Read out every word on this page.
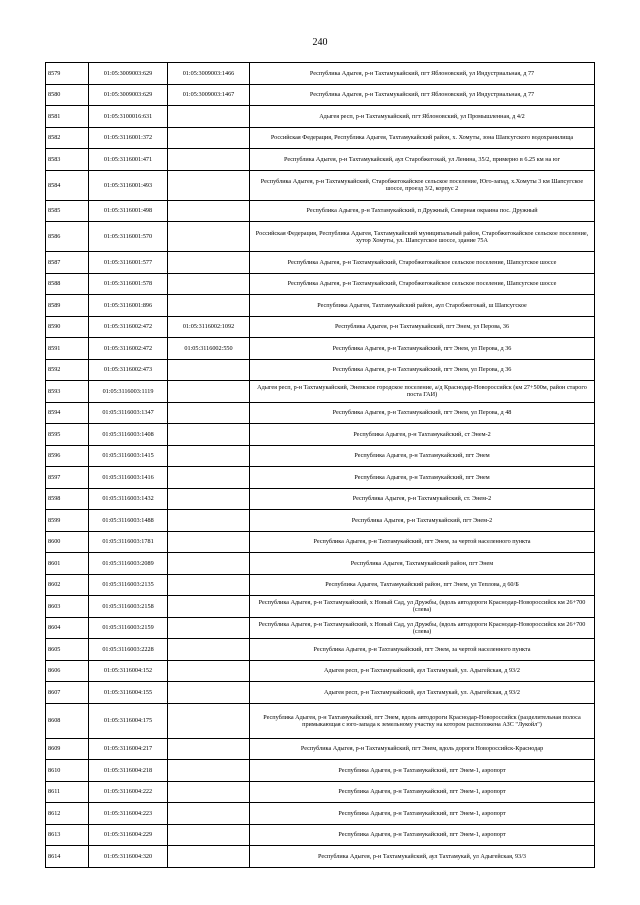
240
8579	01:05:3009003:629	01:05:3009003:1466	Республика Адыгея, р-н Тахтамукайский, пгт Яблоновский, ул Индустриальная, д 77
8580	01:05:3009003:629	01:05:3009003:1467	Республика Адыгея, р-н Тахтамукайский, пгт Яблоновский, ул Индустриальная, д 77
8581	01:05:3100016:631		Адыгея респ, р-н Тахтамукайский, пгт Яблоновский, ул Промышленная, д 4/2
8582	01:05:3116001:372		Российская Федерация, Республика Адыгея, Тахтамукайский район, х. Хомуты, зона Шапсугского водохранилища
8583	01:05:3116001:471		Республика Адыгея, р-н Тахтамукайский, аул Старобжегокай, ул Ленина, 35/2, примерно в 6.25 км на юг
8584	01:05:3116001:493		Республика Адыгея, р-н Тахтамукайский, Старобжегокайское сельское поселение, Юго-запад, х.Хомуты 3 км Шапсугское шоссе, проезд 3/2, корпус 2
8585	01:05:3116001:498		Республика Адыгея, р-н Тахтамукайский, п Дружный, Северная окраина пос. Дружный
8586	01:05:3116001:570		Российская Федерация, Республика Адыгея, Тахтамукайский муниципальный район, Старобжегокайское сельское поселение, хутор Хомуты, ул. Шапсугское шоссе, здание 75А
8587	01:05:3116001:577		Республика Адыгея, р-н Тахтамукайский, Старобжегокайское сельское поселение, Шапсугское шоссе
8588	01:05:3116001:578		Республика Адыгея, р-н Тахтамукайский, Старобжегокайское сельское поселение, Шапсугское шоссе
8589	01:05:3116001:896		Республика Адыгея, Тахтамукайский район, аул Старобжегокай, ш Шапсугское
8590	01:05:3116002:472	01:05:3116002:1092	Республика Адыгея, р-н Тахтамукайский, пгт Энем, ул Перова, 36
8591	01:05:3116002:472	01:05:3116002:550	Республика Адыгея, р-н Тахтамукайский, пгт Энем, ул Перова, д 36
8592	01:05:3116002:473		Республика Адыгея, р-н Тахтамукайский, пгт Энем, ул Перова, д 36
8593	01:05:3116003:1119		Адыгея респ, р-н Тахтамукайский, Энемское городское поселение, а/д Краснодар-Новороссийск (км 27+500м, район старого поста ГАИ)
8594	01:05:3116003:1347		Республика Адыгея, р-н Тахтамукайский, пгт Энем, ул Перова, д 48
8595	01:05:3116003:1408		Республика Адыгея, р-н Тахтамукайский, ст Энем-2
8596	01:05:3116003:1415		Республика Адыгея, р-н Тахтамукайский, пгт Энем
8597	01:05:3116003:1416		Республика Адыгея, р-н Тахтамукайский, пгт Энем
8598	01:05:3116003:1432		Республика Адыгея, р-н Тахтамукайский, ст. Энем-2
8599	01:05:3116003:1488		Республика Адыгея, р-н Тахтамукайский, пгт Энем-2
8600	01:05:3116003:1781		Республика Адыгея, р-н Тахтамукайский, пгт Энем, за чертой населенного пункта
8601	01:05:3116003:2089		Республика Адыгея, Тахтамукайский район, пгт Энем
8602	01:05:3116003:2135		Республика Адыгея, Тахтамукайский район, пгт Энем, ул Теплова, д 60/Б
8603	01:05:3116003:2158		Республика Адыгея, р-н Тахтамукайский, х Новый Сад, ул Дружбы, (вдоль автодороги Краснодар-Новороссийск км 26+700 (слева)
8604	01:05:3116003:2159		Республика Адыгея, р-н Тахтамукайский, х Новый Сад, ул Дружбы, (вдоль автодороги Краснодар-Новороссийск км 26+700 (слева)
8605	01:05:3116003:2228		Республика Адыгея, р-н Тахтамукайский, пгт Энем, за чертой населенного пункта
8606	01:05:3116004:152		Адыгея респ, р-н Тахтамукайский, аул Тахтамукай, ул. Адыгейская, д 93/2
8607	01:05:3116004:155		Адыгея респ, р-н Тахтамукайский, аул Тахтамукай, ул. Адыгейская, д 93/2
8608	01:05:3116004:175		Республика Адыгея, р-н Тахтамукайский, пгт Энем, вдоль автодороги Краснодар-Новороссийск (разделительная полоса примыкающая с юго-запада к земельному участку на котором расположена АЗС "Лукойл")
8609	01:05:3116004:217		Республика Адыгея, р-н Тахтамукайский, пгт Энем, вдоль дороги Новороссийск-Краснодар
8610	01:05:3116004:218		Республика Адыгея, р-н Тахтамукайский, пгт Энем-1, аэропорт
8611	01:05:3116004:222		Республика Адыгея, р-н Тахтамукайский, пгт Энем-1, аэропорт
8612	01:05:3116004:223		Республика Адыгея, р-н Тахтамукайский, пгт Энем-1, аэропорт
8613	01:05:3116004:229		Республика Адыгея, р-н Тахтамукайский, пгт Энем-1, аэропорт
8614	01:05:3116004:320		Республика Адыгея, р-н Тахтамукайский, аул Тахтамукай, ул Адыгейская, 93/3
